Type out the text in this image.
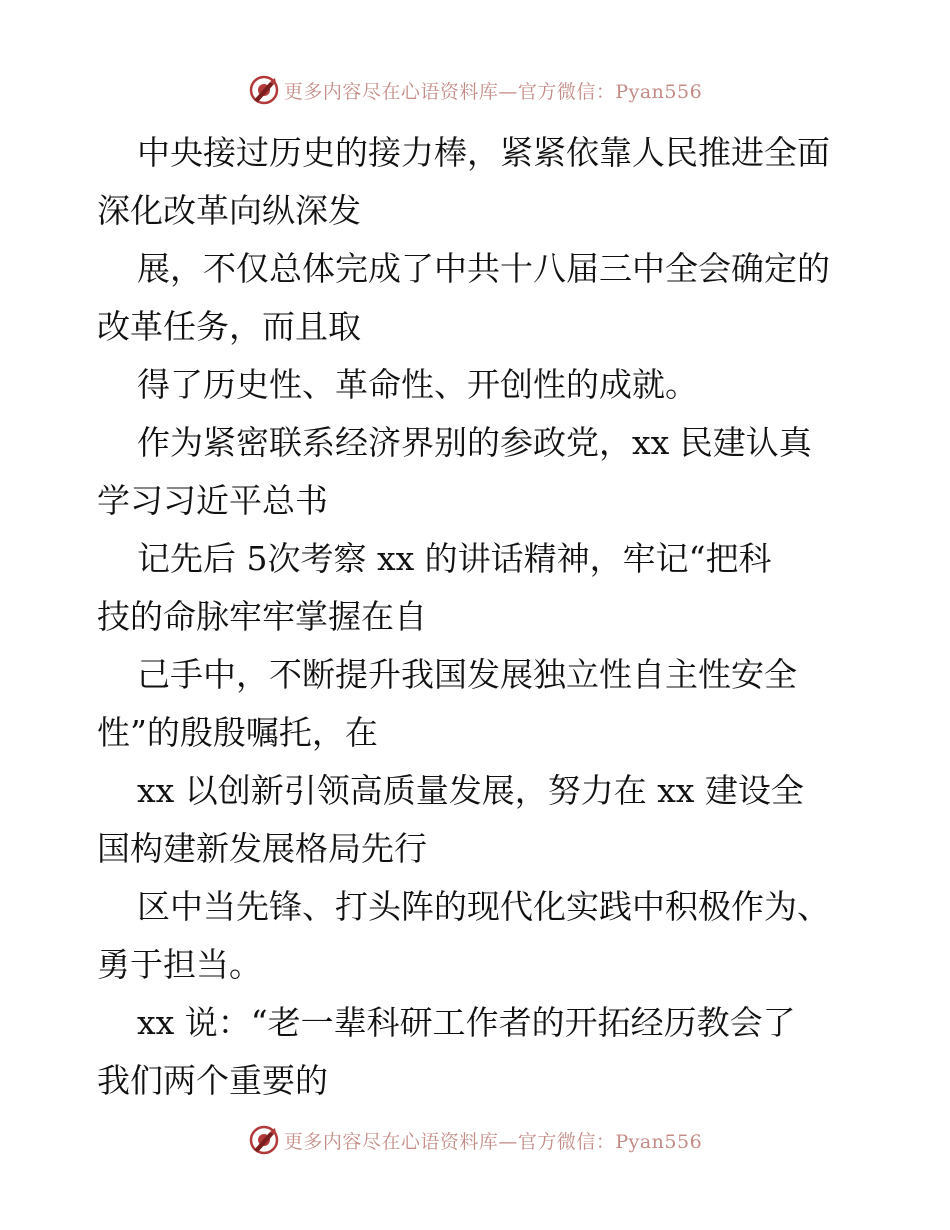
更多内容尽在心语资料库—官方微信：Pyan556
中央接过历史的接力棒，紧紧依靠人民推进全面
深化改革向纵深发
展，不仅总体完成了中共十八届三中全会确定的
改革任务，而且取
得了历史性、革命性、开创性的成就。
作为紧密联系经济界别的参政党，xx 民建认真
学习习近平总书
记先后 5次考察 xx 的讲话精神，牢记“把科
技的命脉牢牢掌握在自
己手中，不断提升我国发展独立性自主性安全
性”的殷殷嘱托，在
xx 以创新引领高质量发展，努力在 xx 建设全
国构建新发展格局先行
区中当先锋、打头阵的现代化实践中积极作为、
勇于担当。
xx 说：“老一辈科研工作者的开拓经历教会了
我们两个重要的
更多内容尽在心语资料库—官方微信：Pyan556
